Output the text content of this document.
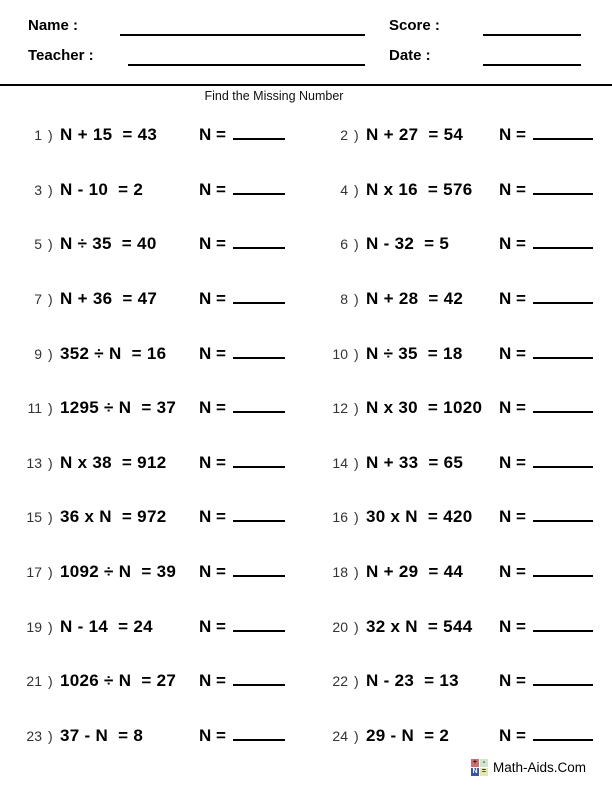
Name :	Score :
Teacher :	Date :
Find the Missing Number
1 ) N + 15  = 43 N =	2 ) N + 27  = 54 N =
3 ) N - 10  = 2	N =	4 ) N x 16  = 576 N =
5 ) N ÷ 35  = 40 N =	6 ) N - 32  = 5	N =
7 ) N + 36  = 47 N =	8 ) N + 28  = 42 N =
9 ) 352 ÷ N  = 16 N =	10 ) N ÷ 35  = 18 N =
11 ) 1295 ÷ N  = 37 N =	12 ) N x 30  = 1020 N =
13 ) N x 38  = 912 N =	14 ) N + 33  = 65 N =
15 ) 36 x N  = 972 N =	16 ) 30 x N  = 420 N =
17 ) 1092 ÷ N  = 39 N =	18 ) N + 29  = 44 N =
19 ) N - 14  = 24	N =	20 ) 32 x N  = 544 N =
21 ) 1026 ÷ N  = 27 N =	22 ) N - 23  = 13 N =
23 ) 37 - N  = 8	N =	24 ) 29 - N  = 2	N =
+ -
N = Math-Aids.Com
